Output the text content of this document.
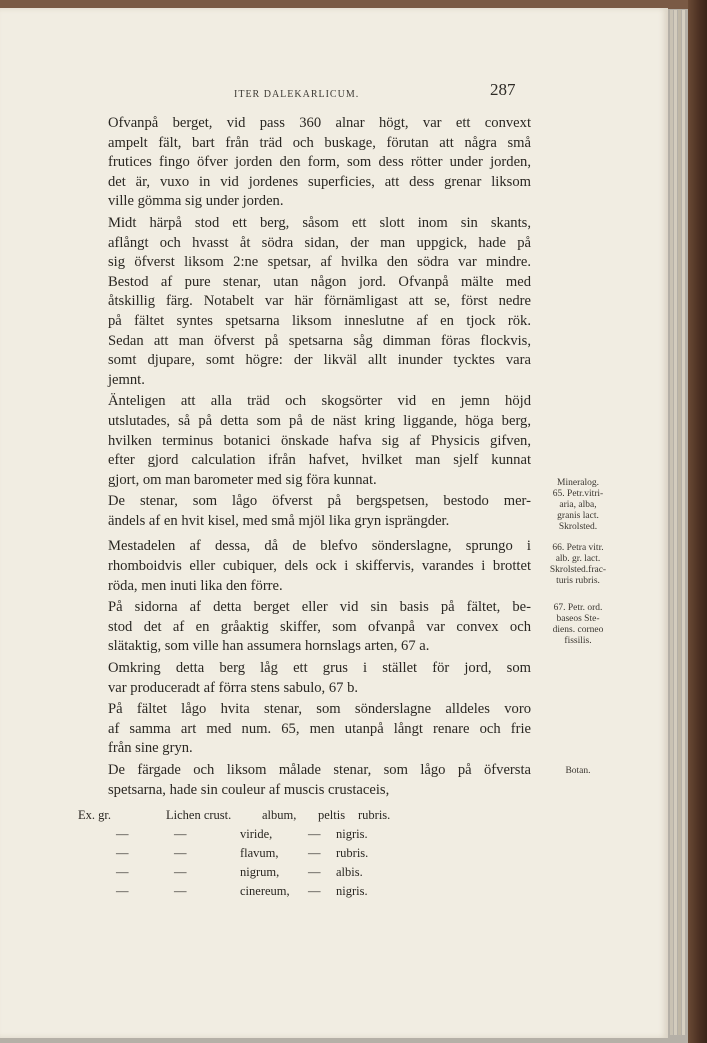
ITER DALEKARLICUM.	287

Ofvanpå berget, vid pass 360 alnar högt, var ett convext
ampelt fält, bart från träd och buskage, förutan att några små
frutices fingo öfver jorden den form, som dess rötter under jorden,
det är, vuxo in vid jordenes superficies, att dess grenar liksom
ville gömma sig under jorden.

Midt härpå stod ett berg, såsom ett slott inom sin skants,
aflångt och hvasst åt södra sidan, der man uppgick, hade på
sig öfverst liksom 2:ne spetsar, af hvilka den södra var mindre.
Bestod af pure stenar, utan någon jord. Ofvanpå mälte med
åtskillig färg. Notabelt var här förnämligast att se, först nedre
på fältet syntes spetsarna liksom inneslutne af en tjock rök.
Sedan att man öfverst på spetsarna såg dimman föras flockvis,
somt djupare, somt högre: der likväl allt inunder tycktes vara
jemnt.

Änteligen att alla träd och skogsörter vid en jemn höjd
utslutades, så på detta som på de näst kring liggande, höga berg,
hvilken terminus botanici önskade hafva sig af Physicis gifven,
efter gjord calculation ifrån hafvet, hvilket man sjelf kunnat
gjort, om man barometer med sig föra kunnat.

De stenar, som lågo öfverst på bergspetsen, bestodo mer-
ändels af en hvit kisel, med små mjöl lika gryn isprängder.

Mestadelen af dessa, då de blefvo sönderslagne, sprungo i
rhomboidvis eller cubiquer, dels ock i skiffervis, varandes i brottet
röda, men inuti lika den förre.

På sidorna af detta berget eller vid sin basis på fältet, be-
stod det af en gråaktig skiffer, som ofvanpå var convex och
slätaktig, som ville han assumera hornslags arten, 67 a.

Omkring detta berg låg ett grus i stället för jord, som
var produceradt af förra stens sabulo, 67 b.

På fältet lågo hvita stenar, som sönderslagne alldeles voro
af samma art med num. 65, men utanpå långt renare och frie
från sine gryn.

De färgade och liksom målade stenar, som lågo på öfversta
spetsarna, hade sin couleur af muscis crustaceis,

Mineralog.
65. Petr.vitri-
aria, alba,
granis lact.
Skrolsted.
66. Petra vitr.
alb. gr. lact.
Skrolsted.frac-
turis rubris.
67. Petr. ord.
baseos Ste-
diens. corneo
fissilis.
Botan.
Ex. gr.	Lichen crust.	album,	peltis	rubris.
—	—	viride,	—	nigris.
—	—	flavum,	—	rubris.
—	—	nigrum,	—	albis.
—	—	cinereum,	—	nigris.
